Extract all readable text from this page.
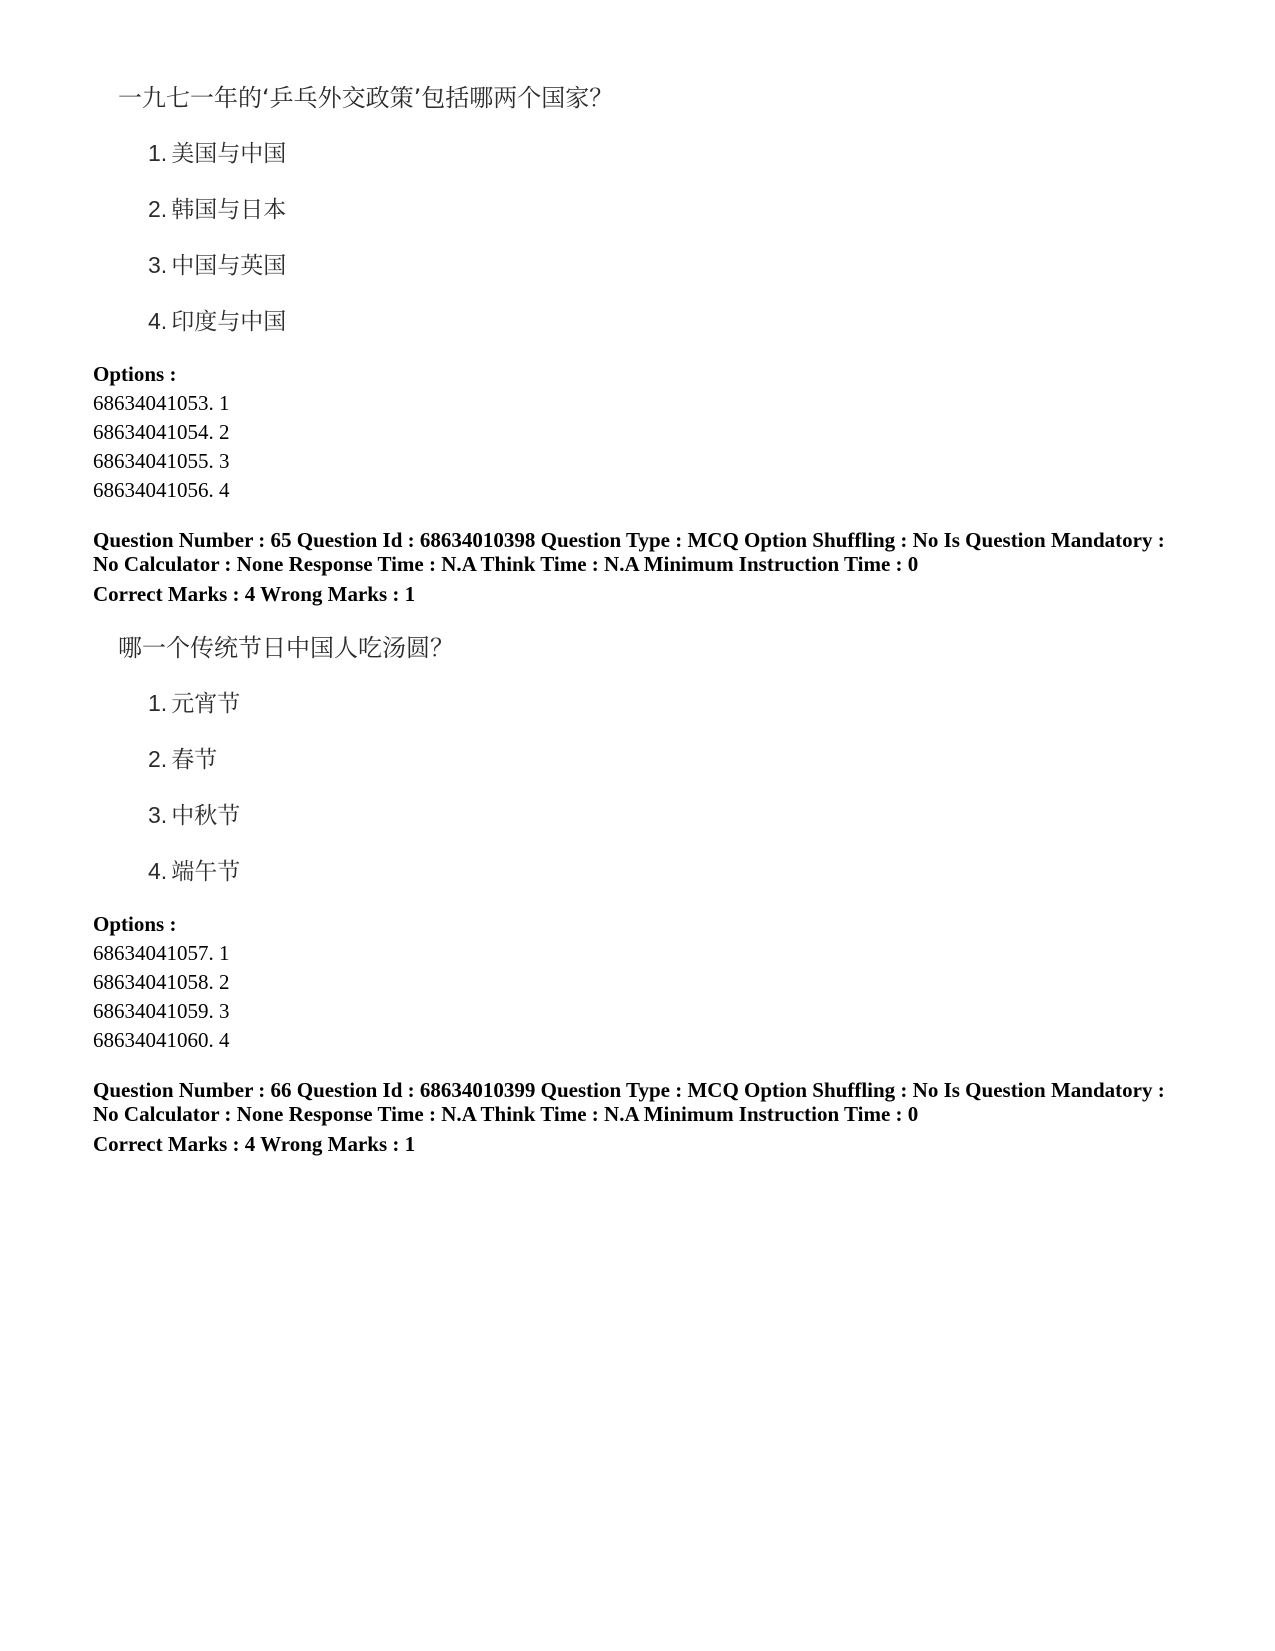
一九七一年的‘乒乓外交政策’包括哪两个国家？
1. 美国与中国
2. 韩国与日本
3. 中国与英国
4. 印度与中国
Options :
68634041053. 1
68634041054. 2
68634041055. 3
68634041056. 4
Question Number : 65 Question Id : 68634010398 Question Type : MCQ Option Shuffling : No Is Question Mandatory :
No Calculator : None Response Time : N.A Think Time : N.A Minimum Instruction Time : 0
Correct Marks : 4 Wrong Marks : 1
哪一个传统节日中国人吃汤圆？
1. 元宵节
2. 春节
3. 中秋节
4. 端午节
Options :
68634041057. 1
68634041058. 2
68634041059. 3
68634041060. 4
Question Number : 66 Question Id : 68634010399 Question Type : MCQ Option Shuffling : No Is Question Mandatory :
No Calculator : None Response Time : N.A Think Time : N.A Minimum Instruction Time : 0
Correct Marks : 4 Wrong Marks : 1
